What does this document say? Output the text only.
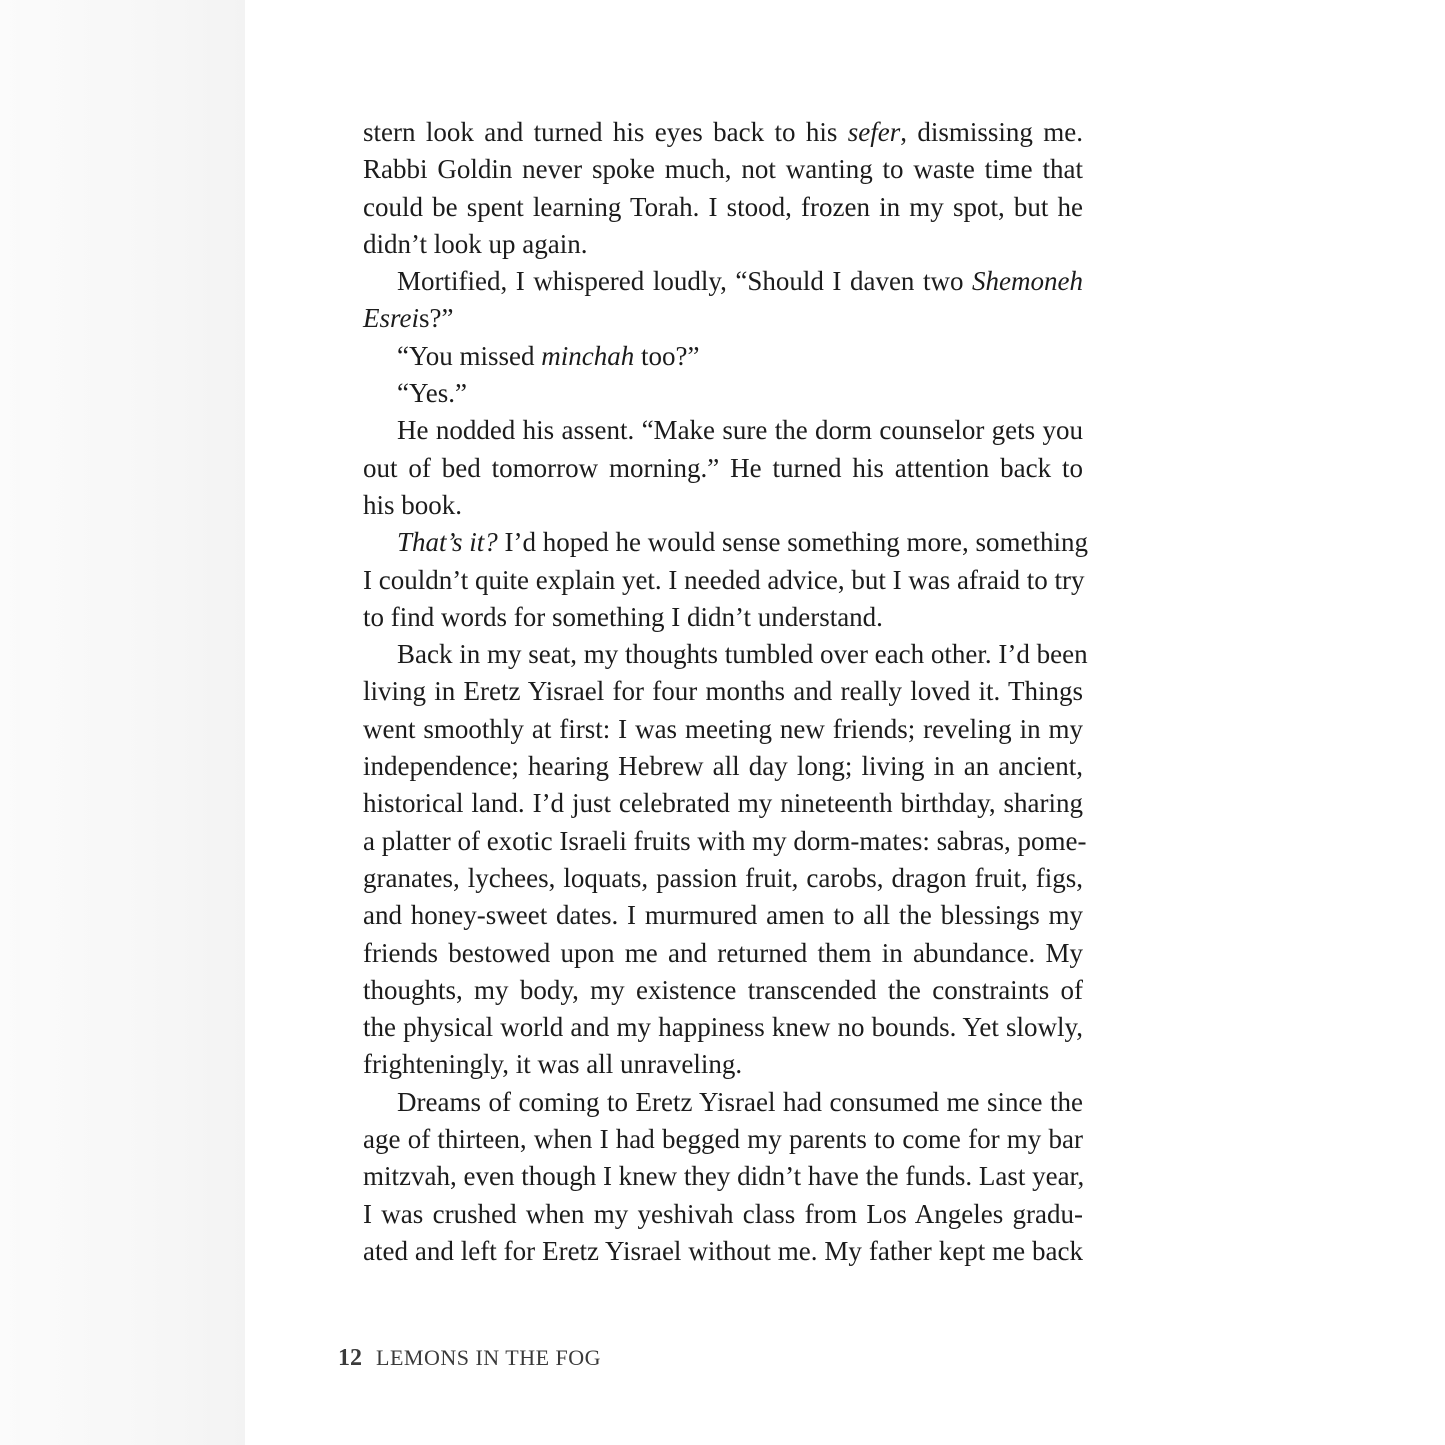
stern look and turned his eyes back to his sefer, dismissing me.
Rabbi Goldin never spoke much, not wanting to waste time that
could be spent learning Torah. I stood, frozen in my spot, but he
didn’t look up again.
Mortified, I whispered loudly, “Should I daven two Shemoneh
Esreis?”
“You missed minchah too?”
“Yes.”
He nodded his assent. “Make sure the dorm counselor gets you
out of bed tomorrow morning.” He turned his attention back to
his book.
That’s it? I’d hoped he would sense something more, something
I couldn’t quite explain yet. I needed advice, but I was afraid to try
to find words for something I didn’t understand.
Back in my seat, my thoughts tumbled over each other. I’d been
living in Eretz Yisrael for four months and really loved it. Things
went smoothly at first: I was meeting new friends; reveling in my
independence; hearing Hebrew all day long; living in an ancient,
historical land. I’d just celebrated my nineteenth birthday, sharing
a platter of exotic Israeli fruits with my dorm-mates: sabras, pome-
granates, lychees, loquats, passion fruit, carobs, dragon fruit, figs,
and honey-sweet dates. I murmured amen to all the blessings my
friends bestowed upon me and returned them in abundance. My
thoughts, my body, my existence transcended the constraints of
the physical world and my happiness knew no bounds. Yet slowly,
frighteningly, it was all unraveling.
Dreams of coming to Eretz Yisrael had consumed me since the
age of thirteen, when I had begged my parents to come for my bar
mitzvah, even though I knew they didn’t have the funds. Last year,
I was crushed when my yeshivah class from Los Angeles gradu-
ated and left for Eretz Yisrael without me. My father kept me back
12 LEMONS IN THE FOG
